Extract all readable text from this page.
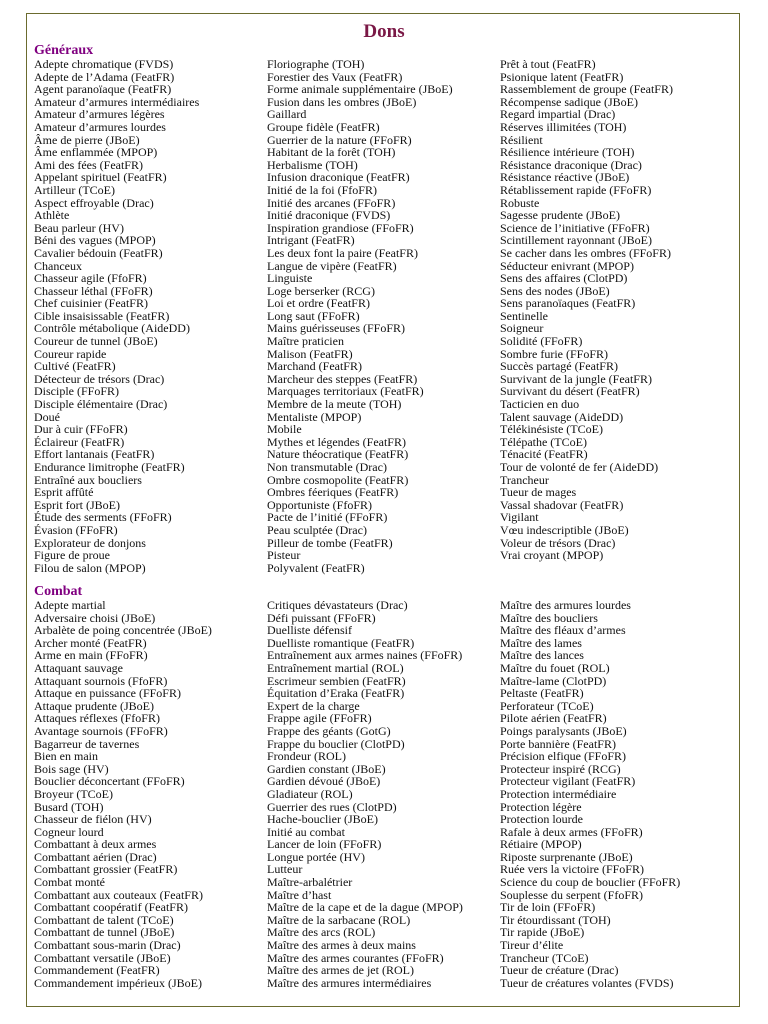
Dons
Généraux
Adepte chromatique (FVDS)
Adepte de l’Adama (FeatFR)
Agent paranoïaque (FeatFR)
Amateur d’armures intermédiaires
Amateur d’armures légères
Amateur d’armures lourdes
Âme de pierre (JBoE)
Âme enflammée (MPOP)
Ami des fées (FeatFR)
Appelant spirituel (FeatFR)
Artilleur (TCoE)
Aspect effroyable (Drac)
Athlète
Beau parleur (HV)
Béni des vagues (MPOP)
Cavalier bédouin (FeatFR)
Chanceux
Chasseur agile (FfoFR)
Chasseur léthal (FFoFR)
Chef cuisinier (FeatFR)
Cible insaisissable (FeatFR)
Contrôle métabolique (AideDD)
Coureur de tunnel (JBoE)
Coureur rapide
Cultivé (FeatFR)
Détecteur de trésors (Drac)
Disciple (FFoFR)
Disciple élémentaire (Drac)
Doué
Dur à cuir (FFoFR)
Éclaireur (FeatFR)
Effort lantanais (FeatFR)
Endurance limitrophe (FeatFR)
Entraîné aux boucliers
Esprit affûté
Esprit fort (JBoE)
Étude des serments (FFoFR)
Évasion (FFoFR)
Explorateur de donjons
Figure de proue
Filou de salon (MPOP)
Floriographe (TOH)
Forestier des Vaux (FeatFR)
Forme animale supplémentaire (JBoE)
Fusion dans les ombres (JBoE)
Gaillard
Groupe fidèle (FeatFR)
Guerrier de la nature (FFoFR)
Habitant de la forêt (TOH)
Herbalisme (TOH)
Infusion draconique (FeatFR)
Initié de la foi (FfoFR)
Initié des arcanes (FFoFR)
Initié draconique (FVDS)
Inspiration grandiose (FFoFR)
Intrigant (FeatFR)
Les deux font la paire (FeatFR)
Langue de vipère (FeatFR)
Linguiste
Loge berserker (RCG)
Loi et ordre (FeatFR)
Long saut (FFoFR)
Mains guérisseuses (FFoFR)
Maître praticien
Malison (FeatFR)
Marchand (FeatFR)
Marcheur des steppes (FeatFR)
Marquages territoriaux (FeatFR)
Membre de la meute (TOH)
Mentaliste (MPOP)
Mobile
Mythes et légendes (FeatFR)
Nature théocratique (FeatFR)
Non transmutable (Drac)
Ombre cosmopolite (FeatFR)
Ombres féeriques (FeatFR)
Opportuniste (FfoFR)
Pacte de l’initié (FFoFR)
Peau sculptée (Drac)
Pilleur de tombe (FeatFR)
Pisteur
Polyvalent (FeatFR)
Prêt à tout (FeatFR)
Psionique latent (FeatFR)
Rassemblement de groupe (FeatFR)
Récompense sadique (JBoE)
Regard impartial (Drac)
Réserves illimitées (TOH)
Résilient
Résilience intérieure (TOH)
Résistance draconique (Drac)
Résistance réactive (JBoE)
Rétablissement rapide (FFoFR)
Robuste
Sagesse prudente (JBoE)
Science de l’initiative (FFoFR)
Scintillement rayonnant (JBoE)
Se cacher dans les ombres (FFoFR)
Séducteur enivrant (MPOP)
Sens des affaires (ClotPD)
Sens des nodes (JBoE)
Sens paranoïaques (FeatFR)
Sentinelle
Soigneur
Solidité (FFoFR)
Sombre furie (FFoFR)
Succès partagé (FeatFR)
Survivant de la jungle (FeatFR)
Survivant du désert (FeatFR)
Tacticien en duo
Talent sauvage (AideDD)
Télékinésiste (TCoE)
Télépathe (TCoE)
Ténacité (FeatFR)
Tour de volonté de fer (AideDD)
Trancheur
Tueur de mages
Vassal shadovar (FeatFR)
Vigilant
Vœu indescriptible (JBoE)
Voleur de trésors (Drac)
Vrai croyant (MPOP)
Combat
Adepte martial
Adversaire choisi (JBoE)
Arbalète de poing concentrée (JBoE)
Archer monté (FeatFR)
Arme en main (FFoFR)
Attaquant sauvage
Attaquant sournois (FfoFR)
Attaque en puissance (FFoFR)
Attaque prudente (JBoE)
Attaques réflexes (FfoFR)
Avantage sournois (FFoFR)
Bagarreur de tavernes
Bien en main
Bois sage (HV)
Bouclier déconcertant (FFoFR)
Broyeur (TCoE)
Busard (TOH)
Chasseur de fiélon (HV)
Cogneur lourd
Combattant à deux armes
Combattant aérien (Drac)
Combattant grossier (FeatFR)
Combat monté
Combattant aux couteaux (FeatFR)
Combattant coopératif (FeatFR)
Combattant de talent (TCoE)
Combattant de tunnel (JBoE)
Combattant sous-marin (Drac)
Combattant versatile (JBoE)
Commandement (FeatFR)
Commandement impérieux (JBoE)
Critiques dévastateurs (Drac)
Défi puissant (FFoFR)
Duelliste défensif
Duelliste romantique (FeatFR)
Entraînement aux armes naines (FFoFR)
Entraînement martial (ROL)
Escrimeur sembien (FeatFR)
Équitation d’Eraka (FeatFR)
Expert de la charge
Frappe agile (FFoFR)
Frappe des géants (GotG)
Frappe du bouclier (ClotPD)
Frondeur (ROL)
Gardien constant (JBoE)
Gardien dévoué (JBoE)
Gladiateur (ROL)
Guerrier des rues (ClotPD)
Hache-bouclier (JBoE)
Initié au combat
Lancer de loin (FFoFR)
Longue portée (HV)
Lutteur
Maître-arbalétrier
Maître d’hast
Maître de la cape et de la dague (MPOP)
Maître de la sarbacane (ROL)
Maître des arcs (ROL)
Maître des armes à deux mains
Maître des armes courantes (FFoFR)
Maître des armes de jet (ROL)
Maître des armures intermédiaires
Maître des armures lourdes
Maître des boucliers
Maître des fléaux d’armes
Maître des lames
Maître des lances
Maître du fouet (ROL)
Maître-lame (ClotPD)
Peltaste (FeatFR)
Perforateur (TCoE)
Pilote aérien (FeatFR)
Poings paralysants (JBoE)
Porte bannière (FeatFR)
Précision elfique (FFoFR)
Protecteur inspiré (RCG)
Protecteur vigilant (FeatFR)
Protection intermédiaire
Protection légère
Protection lourde
Rafale à deux armes (FFoFR)
Rétiaire (MPOP)
Riposte surprenante (JBoE)
Ruée vers la victoire (FFoFR)
Science du coup de bouclier (FFoFR)
Souplesse du serpent (FfoFR)
Tir de loin (FFoFR)
Tir étourdissant (TOH)
Tir rapide (JBoE)
Tireur d’élite
Trancheur (TCoE)
Tueur de créature (Drac)
Tueur de créatures volantes (FVDS)
